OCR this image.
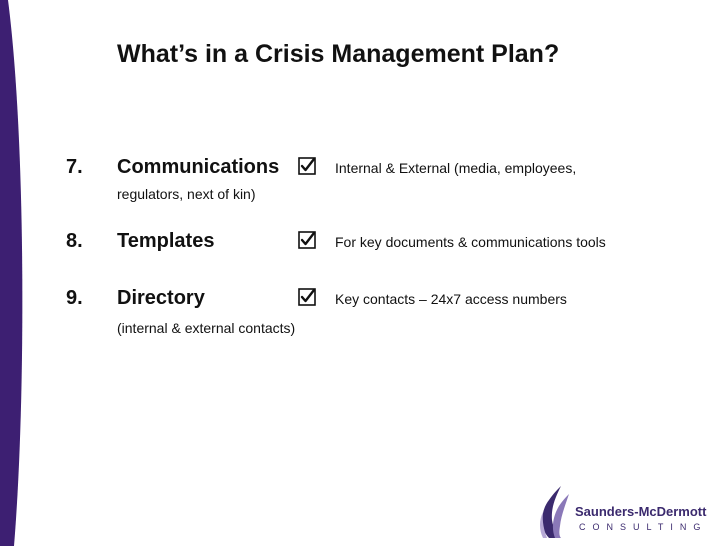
What’s in a Crisis Management Plan?
7. Communications	Internal & External (media, employees,
regulators, next of kin)
8. Templates	For key documents & communications tools
9. Directory	Key contacts – 24x7 access numbers
(internal & external contacts)
Saunders-McDermott
CONSULTING
